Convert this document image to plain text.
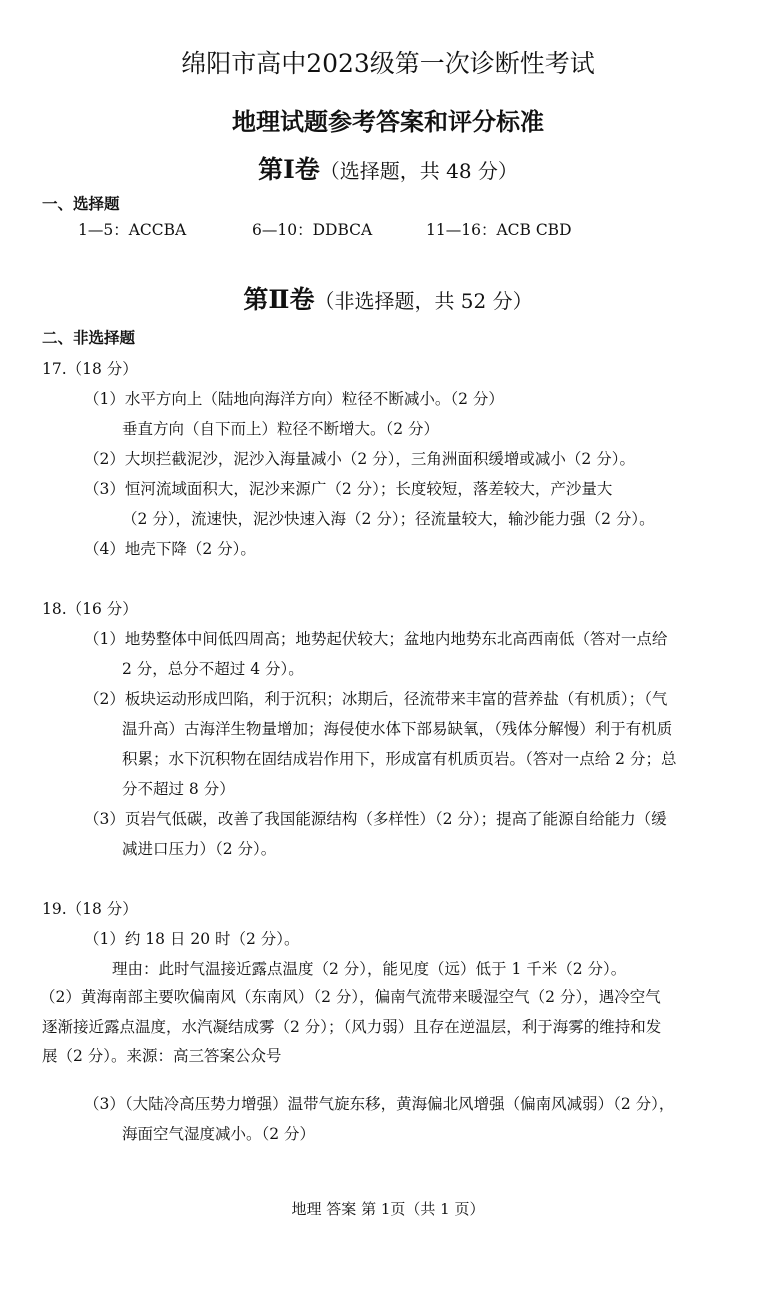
绵阳市高中2023级第一次诊断性考试
地理试题参考答案和评分标准
第Ⅰ卷（选择题，共 48 分）
一、选择题
1—5：ACCBA	6—10：DDBCA	11—16：ACB CBD
第Ⅱ卷（非选择题，共 52 分）
二、非选择题
17.（18 分）
（1）水平方向上（陆地向海洋方向）粒径不断减小。（2 分）
垂直方向（自下而上）粒径不断增大。（2 分）
（2）大坝拦截泥沙，泥沙入海量减小（2 分），三角洲面积缓增或减小（2 分）。
（3）恒河流域面积大，泥沙来源广（2 分）；长度较短，落差较大，产沙量大
（2 分），流速快，泥沙快速入海（2 分）；径流量较大，输沙能力强（2 分）。
（4）地壳下降（2 分）。
18.（16 分）
（1）地势整体中间低四周高；地势起伏较大；盆地内地势东北高西南低（答对一点给
2 分，总分不超过 4 分）。
（2）板块运动形成凹陷，利于沉积；冰期后，径流带来丰富的营养盐（有机质）；（气
温升高）古海洋生物量增加；海侵使水体下部易缺氧，（残体分解慢）利于有机质
积累；水下沉积物在固结成岩作用下，形成富有机质页岩。（答对一点给 2 分；总
分不超过 8 分）
（3）页岩气低碳，改善了我国能源结构（多样性）（2 分）；提高了能源自给能力（缓
减进口压力）（2 分）。
19.（18 分）
（1）约 18 日 20 时（2 分）。
理由：此时气温接近露点温度（2 分），能见度（远）低于 1 千米（2 分）。
（2）黄海南部主要吹偏南风（东南风）（2 分），偏南气流带来暖湿空气（2 分），遇冷空气
逐渐接近露点温度，水汽凝结成雾（2 分）；（风力弱）且存在逆温层，利于海雾的维持和发
展（2 分）。来源：高三答案公众号
（3）（大陆冷高压势力增强）温带气旋东移，黄海偏北风增强（偏南风减弱）（2 分），
海面空气湿度减小。（2 分）
地理 答案 第 1页（共 1 页）
